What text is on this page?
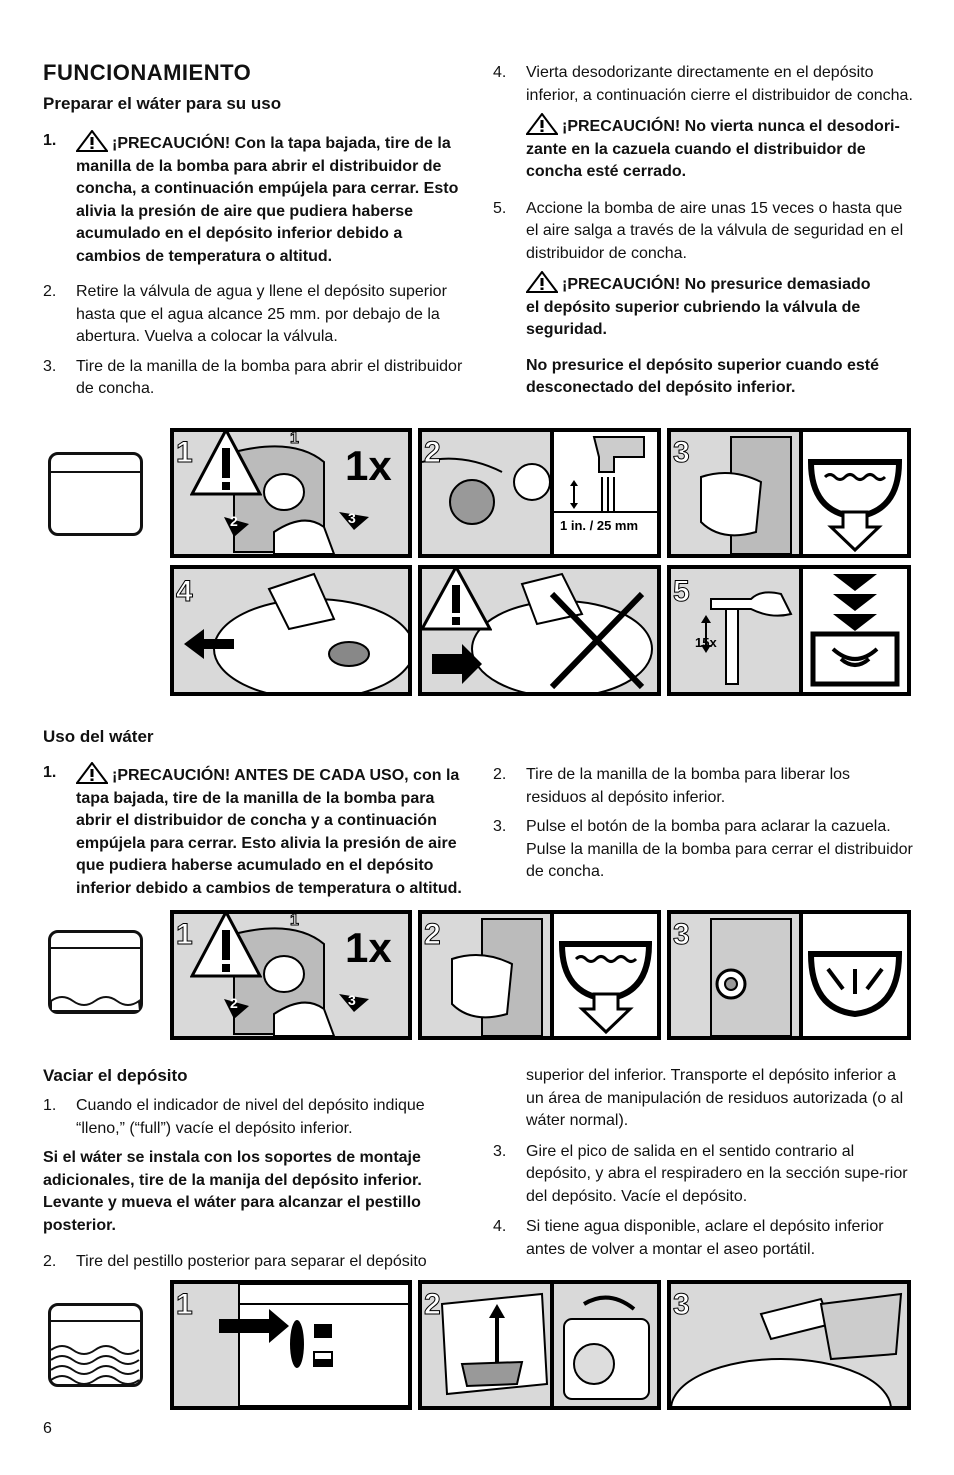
FUNCIONAMIENTO
Preparar el wáter para su uso
1.	¡PRECAUCIÓN! Con la tapa bajada, tire de la manilla de la bomba para abrir el distribuidor de concha, a continuación empújela para cerrar. Esto alivia la presión de aire que pudiera haberse acumulado en el depósito inferior debido a cambios de temperatura o altitud.
2.	Retire la válvula de agua y llene el depósito superior hasta que el agua alcance 25 mm. por debajo de la abertura. Vuelva a colocar la válvula.
3.	Tire de la manilla de la bomba para abrir el distribuidor de concha.
4.	Vierta desodorizante directamente en el depósito inferior, a continuación cierre el distribuidor de concha.
¡PRECAUCIÓN! No vierta nunca el desodori-zante en la cazuela cuando el distribuidor de concha esté cerrado.
5.	Accione la bomba de aire unas 15 veces o hasta que el aire salga a través de la válvula de seguridad en el distribuidor de concha.
¡PRECAUCIÓN! No presurice demasiado el depósito superior cubriendo la válvula de seguridad.
No presurice el depósito superior cuando esté desconectado del depósito inferior.
1	1x
1
2	3	1 in. / 25 mm
2	3
4
15x
5
Uso del wáter
1.	¡PRECAUCIÓN! ANTES DE CADA USO, con la tapa bajada, tire de la manilla de la bomba para abrir el distribuidor de concha y a continuación empújela para cerrar. Esto alivia la presión de aire que pudiera haberse acumulado en el depósito inferior debido a cambios de temperatura o altitud.
2.	Tire de la manilla de la bomba para liberar los residuos al depósito inferior.
3.	Pulse el botón de la bomba para aclarar la cazuela. Pulse la manilla de la bomba para cerrar el distribuidor de concha.
1	1x
1
2	3
2	3
Vaciar el depósito
1.	Cuando el indicador de nivel del depósito indique “lleno,” (“full”) vacíe el depósito inferior.
Si el wáter se instala con los soportes de montaje adicionales, tire de la manija del depósito inferior. Levante y mueva el wáter para alcanzar el pestillo posterior.
2.	Tire del pestillo posterior para separar el depósito
superior del inferior. Transporte el depósito inferior a un área de manipulación de residuos autorizada (o al wáter normal).
3.	Gire el pico de salida en el sentido contrario al depósito, y abra el respiradero en la sección supe-rior del depósito. Vacíe el depósito.
4.	Si tiene agua disponible, aclare el depósito inferior antes de volver a montar el aseo portátil.
1	2	3
6
